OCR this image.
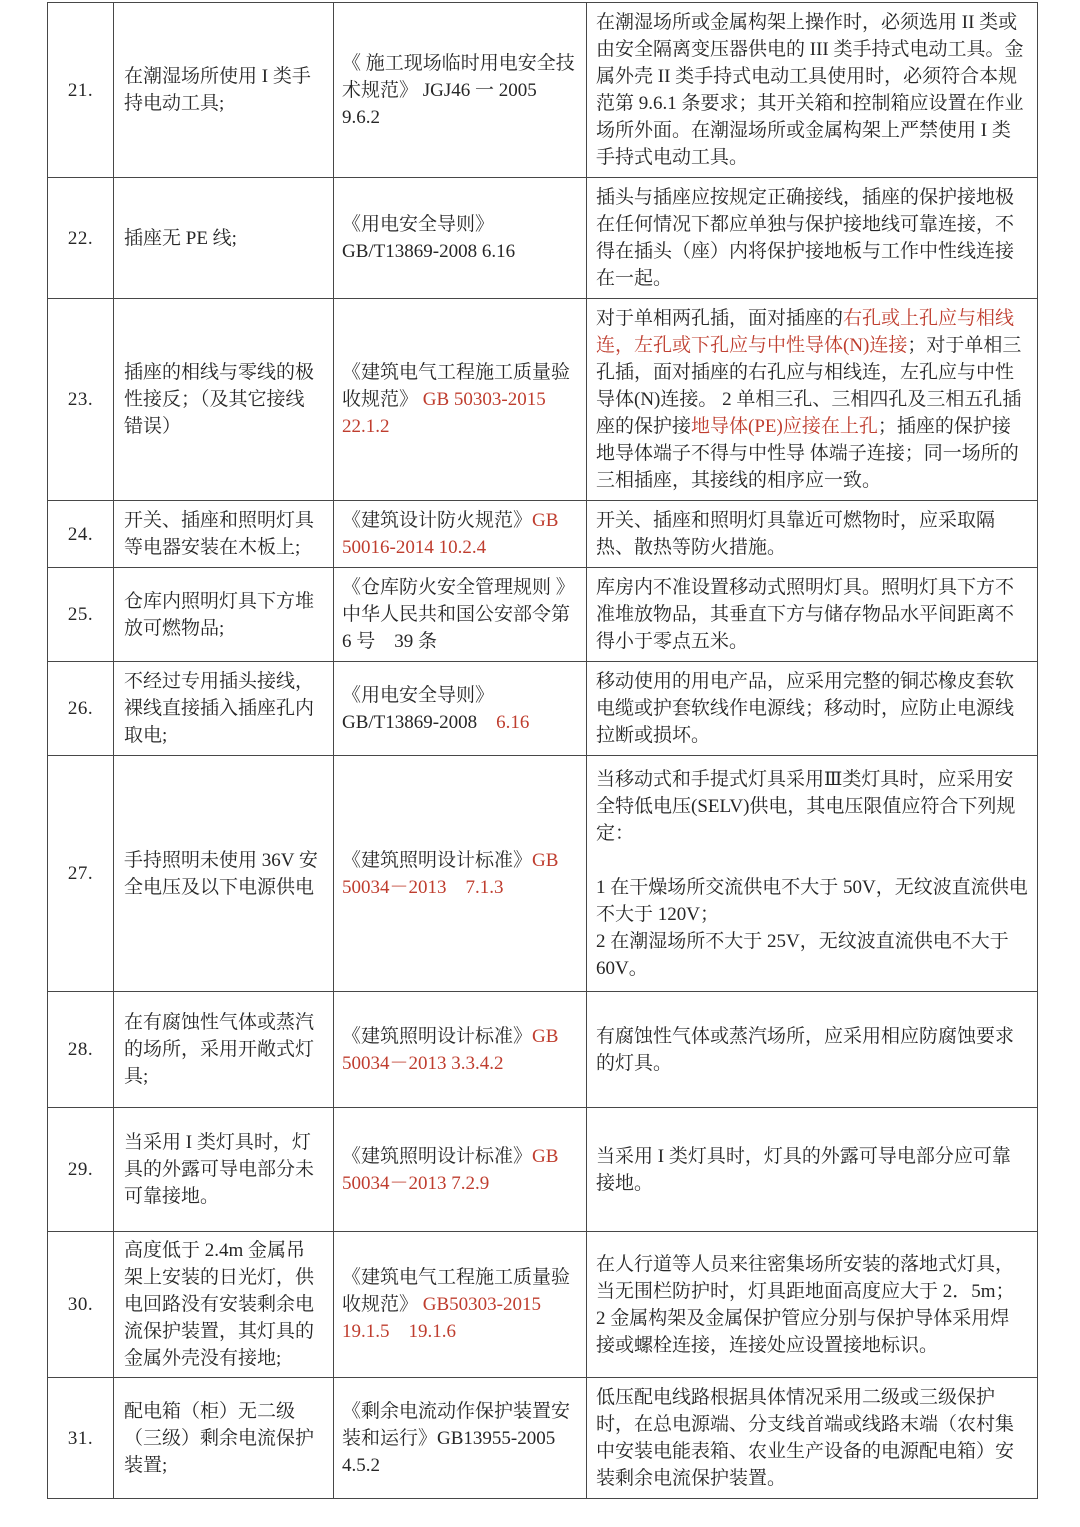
21.	在潮湿场所使用 I 类手持电动工具;	《 施工现场临时用电安全技术规范》 JGJ46 一 2005 9.6.2	在潮湿场所或金属构架上操作时，必须选用 II 类或由安全隔离变压器供电的 III 类手持式电动工具。金属外壳 II 类手持式电动工具使用时，必须符合本规范第 9.6.1 条要求；其开关箱和控制箱应设置在作业场所外面。在潮湿场所或金属构架上严禁使用 I 类手持式电动工具。

22.	插座无 PE 线;	《用电安全导则》 GB/T13869-2008 6.16	插头与插座应按规定正确接线，插座的保护接地极在任何情况下都应单独与保护接地线可靠连接，不得在插头（座）内将保护接地板与工作中性线连接在一起。

23.	插座的相线与零线的极性接反；（及其它接线错误）	《建筑电气工程施工质量验收规范》 GB 50303-2015 22.1.2	对于单相两孔插，面对插座的右孔或上孔应与相线连，左孔或下孔应与中性导体(N)连接；对于单相三孔插，面对插座的右孔应与相线连，左孔应与中性导体(N)连接。 2 单相三孔、三相四孔及三相五孔插座的保护接地导体(PE)应接在上孔；插座的保护接地导体端子不得与中性导 体端子连接；同一场所的三相插座，其接线的相序应一致。

24.	开关、插座和照明灯具等电器安装在木板上;	《建筑设计防火规范》GB 50016-2014 10.2.4	开关、插座和照明灯具靠近可燃物时，应采取隔热、散热等防火措施。

25.	仓库内照明灯具下方堆放可燃物品;	《仓库防火安全管理规则 》中华人民共和国公安部令第 6 号　39 条	库房内不准设置移动式照明灯具。照明灯具下方不准堆放物品，其垂直下方与储存物品水平间距离不得小于零点五米。

26.	不经过专用插头接线，裸线直接插入插座孔内取电;	《用电安全导则》 GB/T13869-2008　6.16	移动使用的用电产品，应采用完整的铜芯橡皮套软电缆或护套软线作电源线；移动时，应防止电源线拉断或损坏。

27.	手持照明未使用 36V 安全电压及以下电源供电	《建筑照明设计标准》GB 50034－2013　7.1.3	当移动式和手提式灯具采用Ⅲ类灯具时，应采用安全特低电压(SELV)供电，其电压限值应符合下列规定：

1 在干燥场所交流供电不大于 50V，无纹波直流供电不大于 120V；
2 在潮湿场所不大于 25V，无纹波直流供电不大于 60V。

28.	在有腐蚀性气体或蒸汽的场所，采用开敞式灯具;	《建筑照明设计标准》GB 50034－2013 3.3.4.2	有腐蚀性气体或蒸汽场所，应采用相应防腐蚀要求的灯具。

29.	当采用 I 类灯具时，灯具的外露可导电部分未可靠接地。	《建筑照明设计标准》GB 50034－2013 7.2.9	当采用 I 类灯具时，灯具的外露可导电部分应可靠接地。

30.	高度低于 2.4m 金属吊架上安装的日光灯，供电回路没有安装剩余电流保护装置，其灯具的金属外壳没有接地;	《建筑电气工程施工质量验收规范》 GB50303-2015 19.1.5　19.1.6	在人行道等人员来往密集场所安装的落地式灯具，当无围栏防护时，灯具距地面高度应大于 2．5m； 2 金属构架及金属保护管应分别与保护导体采用焊接或螺栓连接，连接处应设置接地标识。

31.	配电箱（柜）无二级（三级）剩余电流保护装置;	《剩余电流动作保护装置安装和运行》GB13955-2005 4.5.2	低压配电线路根据具体情况采用二级或三级保护时，在总电源端、分支线首端或线路末端（农村集中安装电能表箱、农业生产设备的电源配电箱）安装剩余电流保护装置。
